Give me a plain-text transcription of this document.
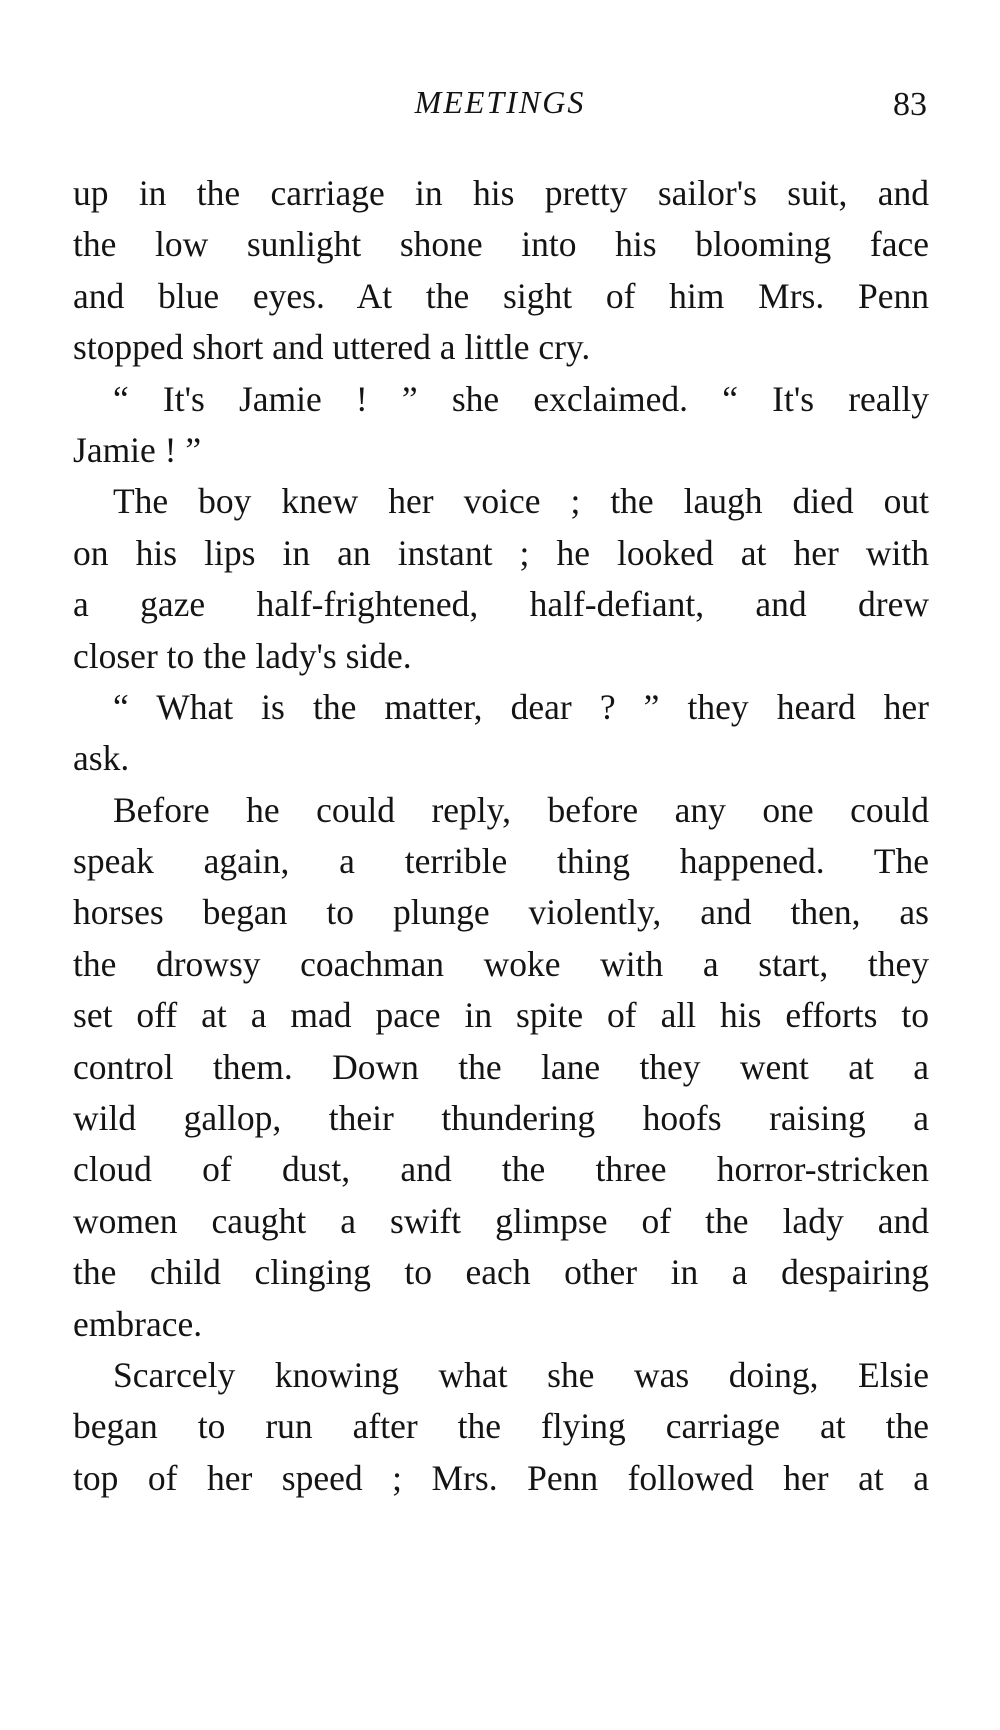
MEETINGS	83
up in the carriage in his pretty sailor's suit, and
the low sunlight shone into his blooming face
and blue eyes. At the sight of him Mrs. Penn
stopped short and uttered a little cry.
“ It's Jamie ! ” she exclaimed. “ It's really
Jamie ! ”
The boy knew her voice ; the laugh died out
on his lips in an instant ; he looked at her with
a gaze half-frightened, half-defiant, and drew
closer to the lady's side.
“ What is the matter, dear ? ” they heard her
ask.
Before he could reply, before any one could
speak again, a terrible thing happened. The
horses began to plunge violently, and then, as
the drowsy coachman woke with a start, they
set off at a mad pace in spite of all his efforts to
control them. Down the lane they went at a
wild gallop, their thundering hoofs raising a
cloud of dust, and the three horror-stricken
women caught a swift glimpse of the lady and
the child clinging to each other in a despairing
embrace.
Scarcely knowing what she was doing, Elsie
began to run after the flying carriage at the
top of her speed ; Mrs. Penn followed her at a
